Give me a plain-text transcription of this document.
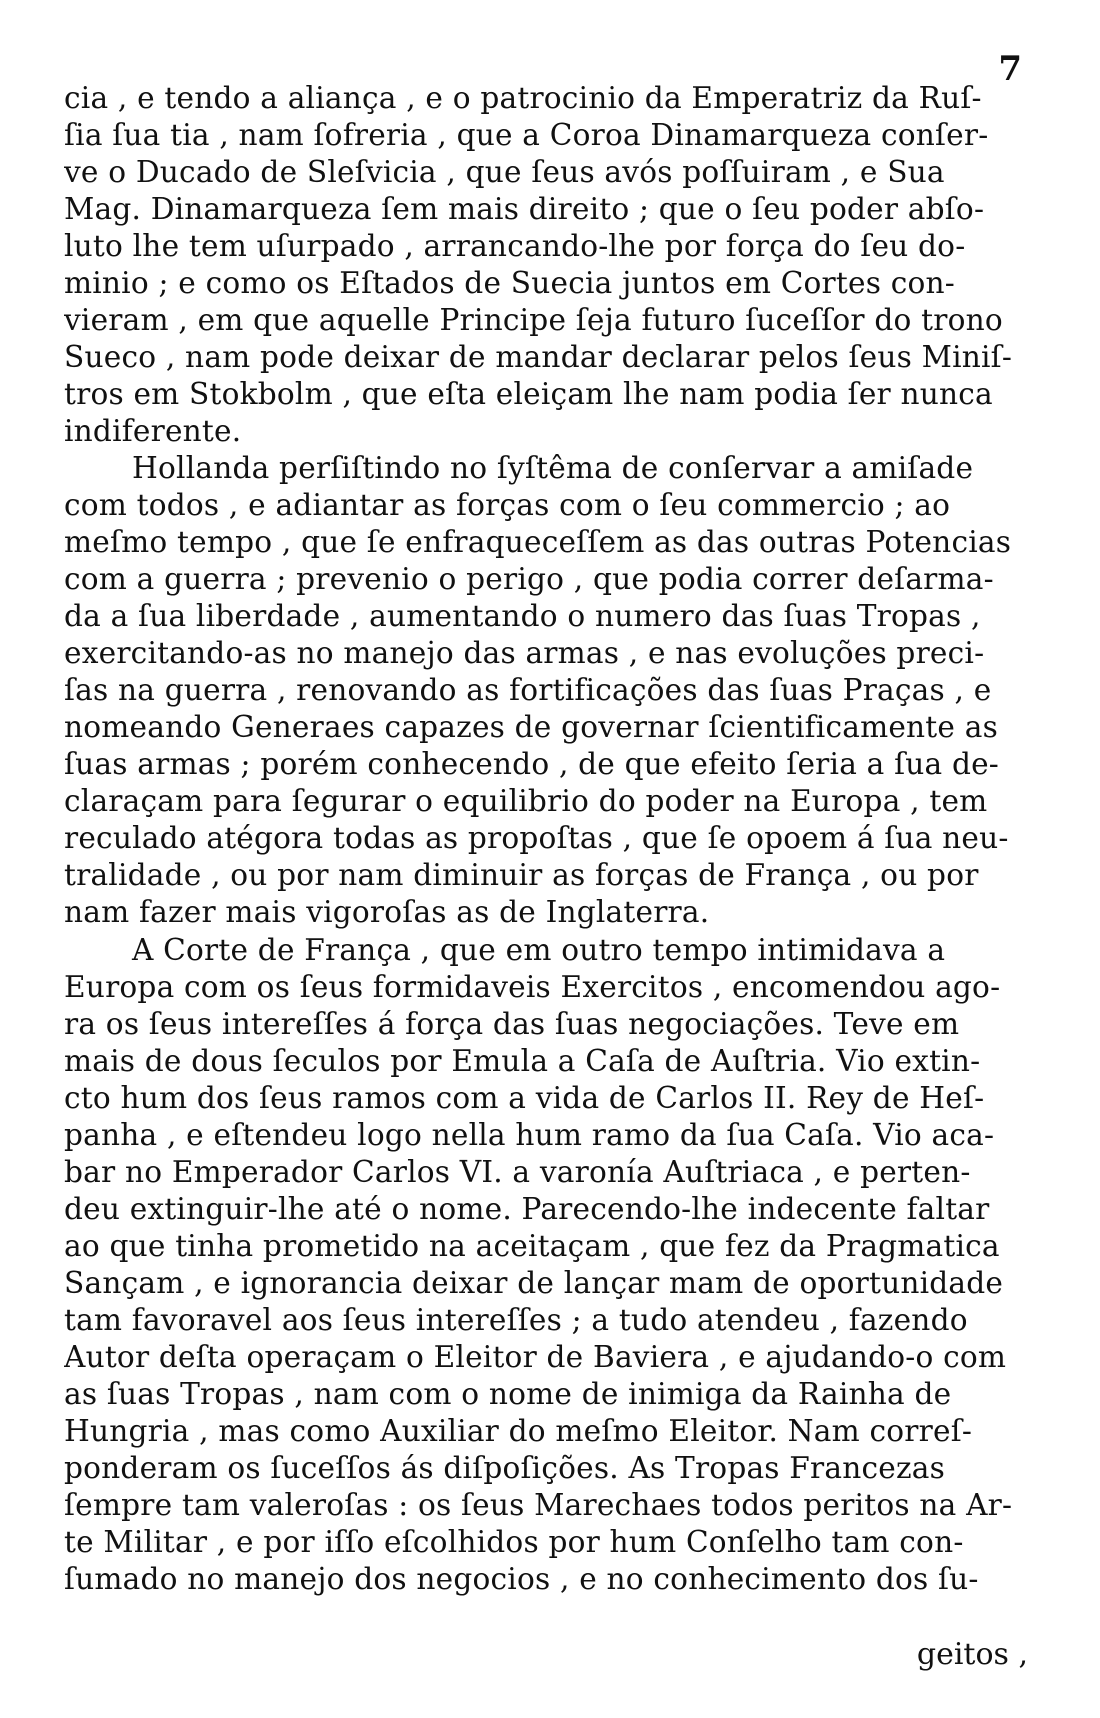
7
cia , e tendo a aliança , e o patrocinio da Emperatriz da Ruſ-
ſia ſua tia , nam ſofreria , que a Coroa Dinamarqueza conſer-
ve o Ducado de Sleſvicia , que ſeus avós poſſuiram , e Sua
Mag. Dinamarqueza ſem mais direito ; que o ſeu poder abſo-
luto lhe tem uſurpado , arrancando-lhe por força do ſeu do-
minio ; e como os Eſtados de Suecia juntos em Cortes con-
vieram , em que aquelle Principe ſeja futuro ſuceſſor do trono
Sueco , nam pode deixar de mandar declarar pelos ſeus Miniſ-
tros em Stokbolm , que eſta eleiçam lhe nam podia ſer nunca
indiferente.
Hollanda perſiſtindo no ſyſtêma de conſervar a amiſade
com todos , e adiantar as forças com o ſeu commercio ; ao
meſmo tempo , que ſe enfraqueceſſem as das outras Potencias
com a guerra ; prevenio o perigo , que podia correr deſarma-
da a ſua liberdade , aumentando o numero das ſuas Tropas ,
exercitando-as no manejo das armas , e nas evoluções preci-
ſas na guerra , renovando as fortificações das ſuas Praças , e
nomeando Generaes capazes de governar ſcientificamente as
ſuas armas ; porém conhecendo , de que efeito ſeria a ſua de-
claraçam para ſegurar o equilibrio do poder na Europa , tem
reculado atégora todas as propoſtas , que ſe opoem á ſua neu-
tralidade , ou por nam diminuir as forças de França , ou por
nam fazer mais vigoroſas as de Inglaterra.
A Corte de França , que em outro tempo intimidava a
Europa com os ſeus formidaveis Exercitos , encomendou ago-
ra os ſeus intereſſes á força das ſuas negociações. Teve em
mais de dous ſeculos por Emula a Caſa de Auſtria. Vio extin-
cto hum dos ſeus ramos com a vida de Carlos II. Rey de Heſ-
panha , e eſtendeu logo nella hum ramo da ſua Caſa. Vio aca-
bar no Emperador Carlos VI. a varonía Auſtriaca , e perten-
deu extinguir-lhe até o nome. Parecendo-lhe indecente faltar
ao que tinha prometido na aceitaçam , que fez da Pragmatica
Sançam , e ignorancia deixar de lançar mam de oportunidade
tam favoravel aos ſeus intereſſes ; a tudo atendeu , fazendo
Autor deſta operaçam o Eleitor de Baviera , e ajudando-o com
as ſuas Tropas , nam com o nome de inimiga da Rainha de
Hungria , mas como Auxiliar do meſmo Eleitor. Nam correſ-
ponderam os ſuceſſos ás diſpoſições. As Tropas Francezas
ſempre tam valeroſas : os ſeus Marechaes todos peritos na Ar-
te Militar , e por iſſo eſcolhidos por hum Conſelho tam con-
ſumado no manejo dos negocios , e no conhecimento dos ſu-
geitos ,
